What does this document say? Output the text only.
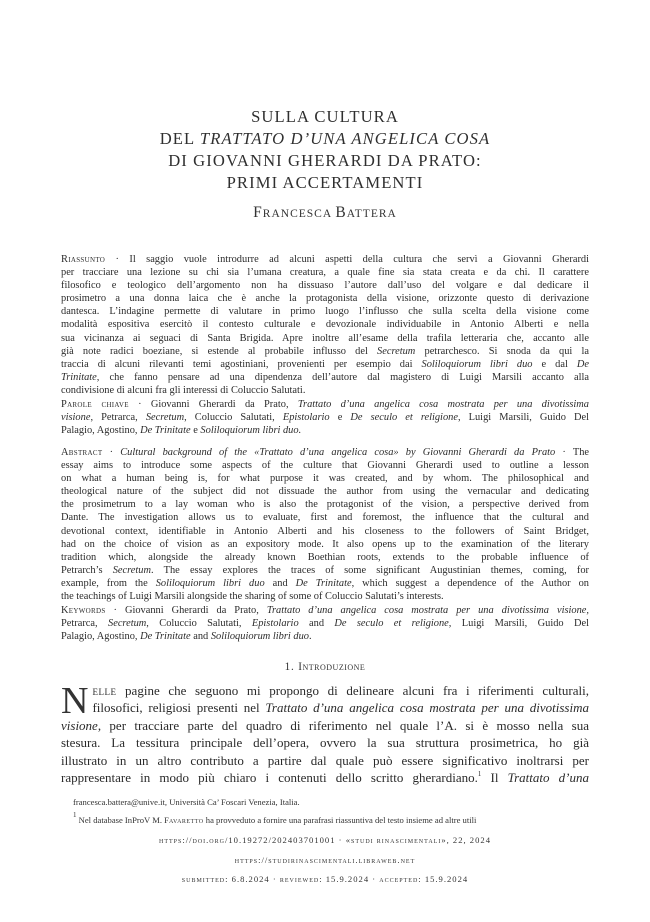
SULLA CULTURA
DEL TRATTATO D’UNA ANGELICA COSA
DI GIOVANNI GHERARDI DA PRATO:
PRIMI ACCERTAMENTI
FRANCESCA BATTERA
Riassunto · Il saggio vuole introdurre ad alcuni aspetti della cultura che servì a Giovanni Gherardi
per tracciare una lezione su chi sia l’umana creatura, a quale fine sia stata creata e da chi. Il carattere
filosofico e teologico dell’argomento non ha dissuaso l’autore dall’uso del volgare e dal dedicare il
prosimetro a una donna laica che è anche la protagonista della visione, orizzonte questo di derivazione
dantesca. L’indagine permette di valutare in primo luogo l’influsso che sulla scelta della visione come
modalità espositiva esercitò il contesto culturale e devozionale individuabile in Antonio Alberti e nella
sua vicinanza ai seguaci di Santa Brigida. Apre inoltre all’esame della trafila letteraria che, accanto alle
già note radici boeziane, si estende al probabile influsso del Secretum petrarchesco. Si snoda da qui la
traccia di alcuni rilevanti temi agostiniani, provenienti per esempio dai Soliloquiorum libri duo e dal De
Trinitate, che fanno pensare ad una dipendenza dell’autore dal magistero di Luigi Marsili accanto alla
condivisione di alcuni fra gli interessi di Coluccio Salutati.
Parole chiave · Giovanni Gherardi da Prato, Trattato d’una angelica cosa mostrata per una divotissima
visione, Petrarca, Secretum, Coluccio Salutati, Epistolario e De seculo et religione, Luigi Marsili, Guido Del
Palagio, Agostino, De Trinitate e Soliloquiorum libri duo.
Abstract · Cultural background of the «Trattato d’una angelica cosa» by Giovanni Gherardi da Prato · The
essay aims to introduce some aspects of the culture that Giovanni Gherardi used to outline a lesson
on what a human being is, for what purpose it was created, and by whom. The philosophical and
theological nature of the subject did not dissuade the author from using the vernacular and dedicating
the prosimetrum to a lay woman who is also the protagonist of the vision, a perspective derived from
Dante. The investigation allows us to evaluate, first and foremost, the influence that the cultural and
devotional context, identifiable in Antonio Alberti and his closeness to the followers of Saint Bridget,
had on the choice of vision as an expository mode. It also opens up to the examination of the literary
tradition which, alongside the already known Boethian roots, extends to the probable influence of
Petrarch’s Secretum. The essay explores the traces of some significant Augustinian themes, coming, for
example, from the Soliloquiorum libri duo and De Trinitate, which suggest a dependence of the Author on
the teachings of Luigi Marsili alongside the sharing of some of Coluccio Salutati’s interests.
Keywords · Giovanni Gherardi da Prato, Trattato d’una angelica cosa mostrata per una divotissima visione,
Petrarca, Secretum, Coluccio Salutati, Epistolario and De seculo et religione, Luigi Marsili, Guido Del
Palagio, Agostino, De Trinitate and Soliloquiorum libri duo.
1. Introduzione
N elle pagine che seguono mi propongo di delineare alcuni fra i riferimenti culturali,
filosofici, religiosi presenti nel Trattato d’una angelica cosa mostrata per una divotissima
visione, per tracciare parte del quadro di riferimento nel quale l’A. si è mosso nella sua
stesura. La tessitura principale dell’opera, ovvero la sua struttura prosimetrica, ho già
illustrato in un altro contributo a partire dal quale può essere significativo inoltrarsi per
rappresentare in modo più chiaro i contenuti dello scritto gherardiano.$^1$ Il Trattato d’una
francesca.battera@unive.it, Università Ca’ Foscari Venezia, Italia.
$^1$ Nel database InProV M. Favaretto ha provveduto a fornire una parafrasi riassuntiva del testo insieme ad altre utili
https://doi.org/10.19272/202403701001 · «studi rinascimentali», 22, 2024
https://studirinascimentali.libraweb.net
submitted: 6.8.2024 · reviewed: 15.9.2024 · accepted: 15.9.2024
